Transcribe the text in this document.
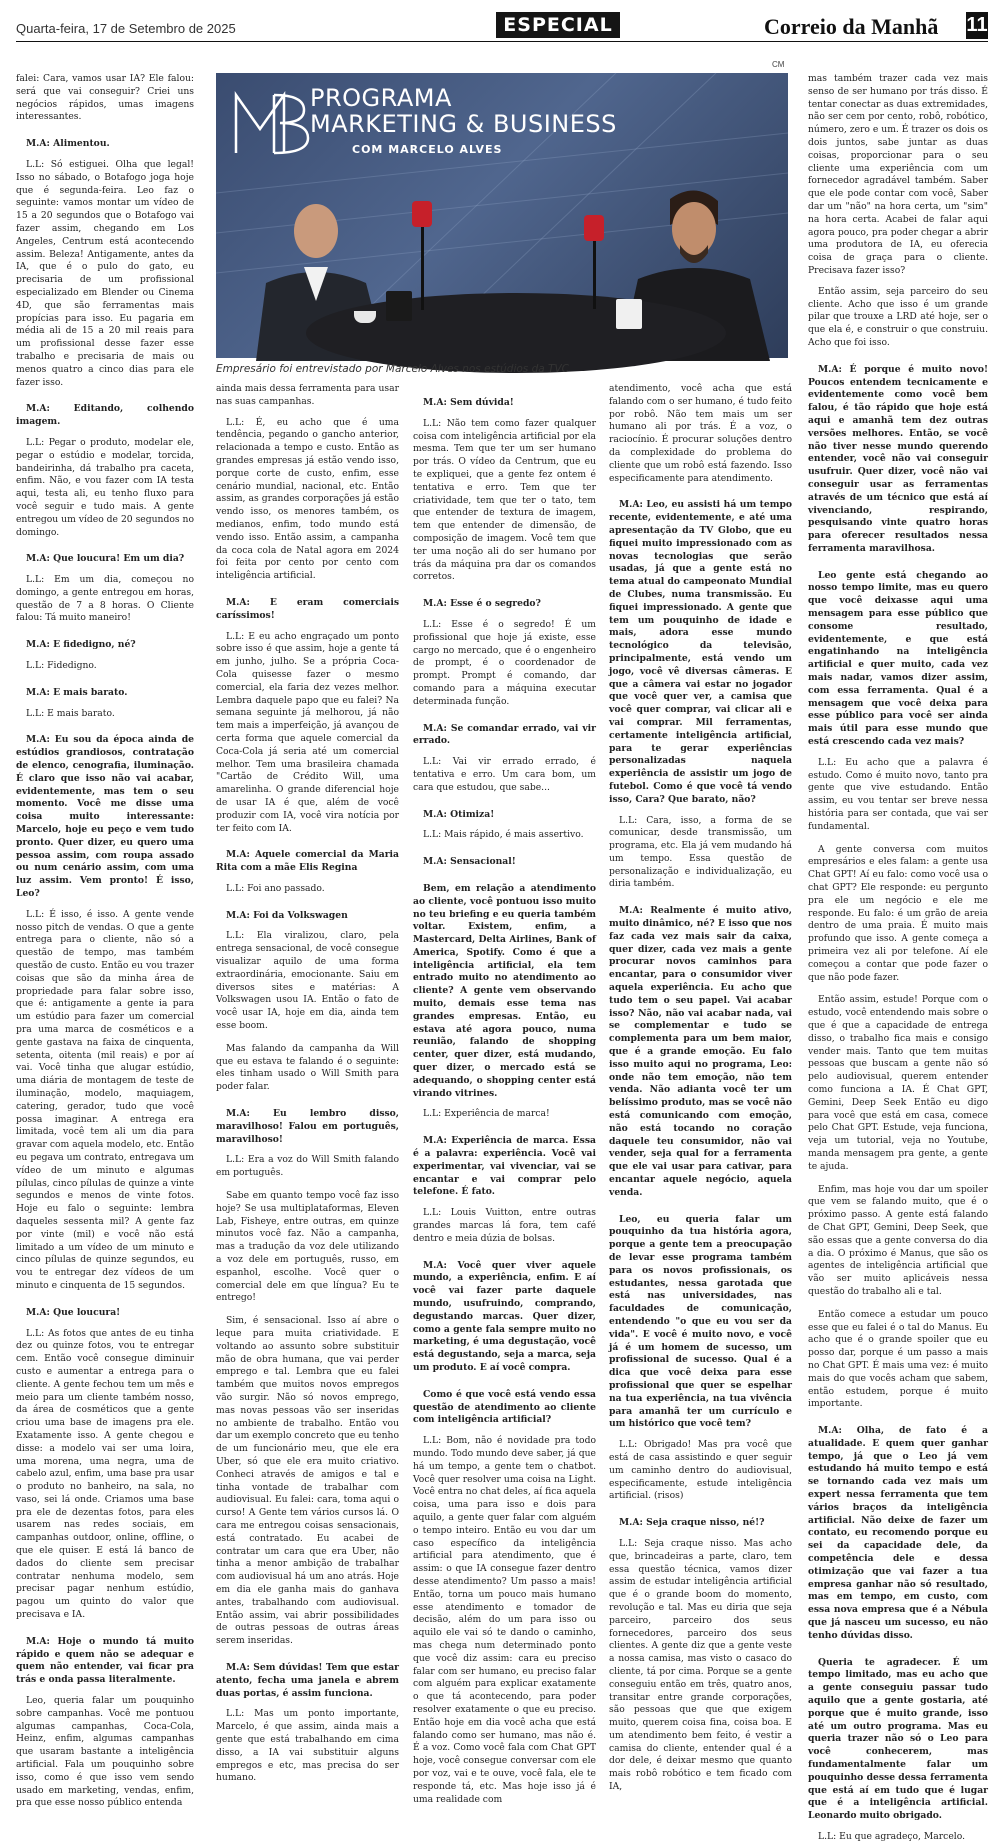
Quarta-feira, 17 de Setembro de 2025	ESPECIAL	Correio da Manhã 11
CM
PROGRAMA
MARKETING & BUSINESS
COM MARCELO ALVES
Empresário foi entrevistado por Marcelo Alves nos estúdios da TVC

falei: Cara, vamos usar IA? Ele falou: será que vai conseguir? Criei uns negócios rápidos, umas imagens interessantes.

M.A: Alimentou.

L.L: Só estiguei. Olha que legal! Isso no sábado, o Botafogo joga hoje que é segunda-feira. Leo faz o seguinte: vamos montar um vídeo de 15 a 20 segundos que o Botafogo vai fazer assim, chegando em Los Angeles, Centrum está acontecendo assim. Beleza! Antigamente, antes da IA, que é o pulo do gato, eu precisaria de um profissional especializado em Blender ou Cinema 4D, que são ferramentas mais propícias para isso. Eu pagaria em média ali de 15 a 20 mil reais para um profissional desse fazer esse trabalho e precisaria de mais ou menos quatro a cinco dias para ele fazer isso.

M.A: Editando, colhendo imagem.

L.L: Pegar o produto, modelar ele, pegar o estúdio e modelar, torcida, bandeirinha, dá trabalho pra caceta, enfim. Não, e vou fazer com IA testa aqui, testa ali, eu tenho fluxo para você seguir e tudo mais. A gente entregou um vídeo de 20 segundos no domingo.

M.A: Que loucura! Em um dia?

L.L: Em um dia, começou no domingo, a gente entregou em horas, questão de 7 a 8 horas. O Cliente falou: Tá muito maneiro!

M.A: E fidedigno, né?

L.L: Fidedigno.

M.A: E mais barato.

L.L: E mais barato.

M.A: Eu sou da época ainda de estúdios grandiosos, contratação de elenco, cenografia, iluminação. É claro que isso não vai acabar, evidentemente, mas tem o seu momento. Você me disse uma coisa muito interessante: Marcelo, hoje eu peço e vem tudo pronto. Quer dizer, eu quero uma pessoa assim, com roupa assado ou num cenário assim, com uma luz assim. Vem pronto! É isso, Leo?

L.L: É isso, é isso. A gente vende nosso pitch de vendas. O que a gente entrega para o cliente, não só a questão de tempo, mas também questão de custo. Então eu vou trazer coisas que são da minha área de propriedade para falar sobre isso, que é: antigamente a gente ia para um estúdio para fazer um comercial pra uma marca de cosméticos e a gente gastava na faixa de cinquenta, setenta, oitenta (mil reais) e por aí vai. Você tinha que alugar estúdio, uma diária de montagem de teste de iluminação, modelo, maquiagem, catering, gerador, tudo que você possa imaginar. A entrega era limitada, você tem ali um dia para gravar com aquela modelo, etc. Então eu pegava um contrato, entregava um vídeo de um minuto e algumas pílulas, cinco pílulas de quinze a vinte segundos e menos de vinte fotos. Hoje eu falo o seguinte: lembra daqueles sessenta mil? A gente faz por vinte (mil) e você não está limitado a um vídeo de um minuto e cinco pílulas de quinze segundos, eu vou te entregar dez vídeos de um minuto e cinquenta de 15 segundos.

M.A: Que loucura!

L.L: As fotos que antes de eu tinha dez ou quinze fotos, vou te entregar cem. Então você consegue diminuir custo e aumentar a entrega para o cliente. A gente fechou tem um mês e meio para um cliente também nosso, da área de cosméticos que a gente criou uma base de imagens pra ele. Exatamente isso. A gente chegou e disse: a modelo vai ser uma loira, uma morena, uma negra, uma de cabelo azul, enfim, uma base pra usar o produto no banheiro, na sala, no vaso, sei lá onde. Criamos uma base pra ele de dezentas fotos, para eles usarem nas redes sociais, em campanhas outdoor, online, offline, o que ele quiser. E está lá banco de dados do cliente sem precisar contratar nenhuma modelo, sem precisar pagar nenhum estúdio, pagou um quinto do valor que precisava e IA.

M.A: Hoje o mundo tá muito rápido e quem não se adequar e quem não entender, vai ficar pra trás e onda passa literalmente.

Leo, queria falar um pouquinho sobre campanhas. Você me pontuou algumas campanhas, Coca-Cola, Heinz, enfim, algumas campanhas que usaram bastante a inteligência artificial. Fala um pouquinho sobre isso, como é que isso vem sendo usado em marketing, vendas, enfim, pra que esse nosso público entenda

ainda mais dessa ferramenta para usar nas suas campanhas.

L.L: É, eu acho que é uma tendência, pegando o gancho anterior, relacionada a tempo e custo. Então as grandes empresas já estão vendo isso, porque corte de custo, enfim, esse cenário mundial, nacional, etc. Então assim, as grandes corporações já estão vendo isso, os menores também, os medianos, enfim, todo mundo está vendo isso. Então assim, a campanha da coca cola de Natal agora em 2024 foi feita por cento por cento com inteligência artificial.

M.A: E eram comerciais caríssimos!

L.L: E eu acho engraçado um ponto sobre isso é que assim, hoje a gente tá em junho, julho. Se a própria Coca-Cola quisesse fazer o mesmo comercial, ela faria dez vezes melhor. Lembra daquele papo que eu falei? Na semana seguinte já melhorou, já não tem mais a imperfeição, já avançou de certa forma que aquele comercial da Coca-Cola já seria até um comercial melhor. Tem uma brasileira chamada "Cartão de Crédito Will, uma amarelinha. O grande diferencial hoje de usar IA é que, além de você produzir com IA, você vira notícia por ter feito com IA.

M.A: Aquele comercial da Maria Rita com a mãe Elis Regina

L.L: Foi ano passado.

M.A: Foi da Volkswagen

L.L: Ela viralizou, claro, pela entrega sensacional, de você consegue visualizar aquilo de uma forma extraordinária, emocionante. Saiu em diversos sites e matérias: A Volkswagen usou IA. Então o fato de você usar IA, hoje em dia, ainda tem esse boom.

Mas falando da campanha da Will que eu estava te falando é o seguinte: eles tinham usado o Will Smith para poder falar.

M.A: Eu lembro disso, maravilhoso! Falou em português, maravilhoso!

L.L: Era a voz do Will Smith falando em português.

Sabe em quanto tempo você faz isso hoje? Se usa multiplataformas, Eleven Lab, Fisheye, entre outras, em quinze minutos você faz. Não a campanha, mas a tradução da voz dele utilizando a voz dele em português, russo, em espanhol, escolhe. Você quer o comercial dele em que língua? Eu te entrego!

Sim, é sensacional. Isso aí abre o leque para muita criatividade. E voltando ao assunto sobre substituir mão de obra humana, que vai perder emprego e tal. Lembra que eu falei também que muitos novos empregos vão surgir. Não só novos emprego, mas novas pessoas vão ser inseridas no ambiente de trabalho. Então vou dar um exemplo concreto que eu tenho de um funcionário meu, que ele era Uber, só que ele era muito criativo. Conheci através de amigos e tal e tinha vontade de trabalhar com audiovisual. Eu falei: cara, toma aqui o curso! A Gente tem vários cursos lá. O cara me entregou coisas sensacionais, está contratado. Eu acabei de contratar um cara que era Uber, não tinha a menor ambição de trabalhar com audiovisual há um ano atrás. Hoje em dia ele ganha mais do ganhava antes, trabalhando com audiovisual. Então assim, vai abrir possibilidades de outras pessoas de outras áreas serem inseridas.

M.A: Sem dúvidas! Tem que estar atento, fecha uma janela e abrem duas portas, é assim funciona.

L.L: Mas um ponto importante, Marcelo, é que assim, ainda mais a gente que está trabalhando em cima disso, a IA vai substituir alguns empregos e etc, mas precisa do ser humano.

M.A: Sem dúvida!

L.L: Não tem como fazer qualquer coisa com inteligência artificial por ela mesma. Tem que ter um ser humano por trás. O vídeo da Centrum, que eu te expliquei, que a gente fez ontem é tentativa e erro. Tem que ter criatividade, tem que ter o tato, tem que entender de textura de imagem, tem que entender de dimensão, de composição de imagem. Você tem que ter uma noção ali do ser humano por trás da máquina pra dar os comandos corretos.

M.A: Esse é o segredo?

L.L: Esse é o segredo! É um profissional que hoje já existe, esse cargo no mercado, que é o engenheiro de prompt, é o coordenador de prompt. Prompt é comando, dar comando para a máquina executar determinada função.

M.A: Se comandar errado, vai vir errado.

L.L: Vai vir errado errado, é tentativa e erro. Um cara bom, um cara que estudou, que sabe...

M.A: Otimiza!

L.L: Mais rápido, é mais assertivo.

M.A: Sensacional!

Bem, em relação a atendimento ao cliente, você pontuou isso muito no teu briefing e eu queria também voltar. Existem, enfim, a Mastercard, Delta Airlines, Bank of America, Spotify. Como é que a inteligência artificial, ela tem entrado muito no atendimento ao cliente? A gente vem observando muito, demais esse tema nas grandes empresas. Então, eu estava até agora pouco, numa reunião, falando de shopping center, quer dizer, está mudando, quer dizer, o mercado está se adequando, o shopping center está virando vitrines.

L.L: Experiência de marca!

M.A: Experiência de marca. Essa é a palavra: experiência. Você vai experimentar, vai vivenciar, vai se encantar e vai comprar pelo telefone. É fato.

L.L: Louis Vuitton, entre outras grandes marcas lá fora, tem café dentro e meia dúzia de bolsas.

M.A: Você quer viver aquele mundo, a experiência, enfim. E aí você vai fazer parte daquele mundo, usufruindo, comprando, degustando marcas. Quer dizer, como a gente fala sempre muito no marketing, é uma degustação, você está degustando, seja a marca, seja um produto. E aí você compra.

Como é que você está vendo essa questão de atendimento ao cliente com inteligência artificial?

L.L: Bom, não é novidade pra todo mundo. Todo mundo deve saber, já que há um tempo, a gente tem o chatbot. Você quer resolver uma coisa na Light. Você entra no chat deles, aí fica aquela coisa, uma para isso e dois para aquilo, a gente quer falar com alguém o tempo inteiro. Então eu vou dar um caso específico da inteligência artificial para atendimento, que é assim: o que IA consegue fazer dentro desse atendimento? Um passo a mais! Então, torna um pouco mais humano esse atendimento e tomador de decisão, além do um para isso ou aquilo ele vai só te dando o caminho, mas chega num determinado ponto que você diz assim: cara eu preciso falar com ser humano, eu preciso falar com alguém para explicar exatamente o que tá acontecendo, para poder resolver exatamente o que eu preciso. Então hoje em dia você acha que está falando como ser humano, mas não é. É a voz. Como você fala com Chat GPT hoje, você consegue conversar com ele por voz, vai e te ouve, você fala, ele te responde tá, etc. Mas hoje isso já é uma realidade com

atendimento, você acha que está falando com o ser humano, é tudo feito por robô. Não tem mais um ser humano ali por trás. É a voz, o raciocínio. É procurar soluções dentro da complexidade do problema do cliente que um robô está fazendo. Isso especificamente para atendimento.

M.A: Leo, eu assisti há um tempo recente, evidentemente, e até uma apresentação da TV Globo, que eu fiquei muito impressionado com as novas tecnologias que serão usadas, já que a gente está no tema atual do campeonato Mundial de Clubes, numa transmissão. Eu fiquei impressionado. A gente que tem um pouquinho de idade e mais, adora esse mundo tecnológico da televisão, principalmente, está vendo um jogo, você vê diversas câmeras. E que a câmera vai estar no jogador que você quer ver, a camisa que você quer comprar, vai clicar ali e vai comprar. Mil ferramentas, certamente inteligência artificial, para te gerar experiências personalizadas naquela experiência de assistir um jogo de futebol. Como é que você tá vendo isso, Cara? Que barato, não?

L.L: Cara, isso, a forma de se comunicar, desde transmissão, um programa, etc. Ela já vem mudando há um tempo. Essa questão de personalização e individualização, eu diria também.

M.A: Realmente é muito ativo, muito dinâmico, né? E isso que nos faz cada vez mais sair da caixa, quer dizer, cada vez mais a gente procurar novos caminhos para encantar, para o consumidor viver aquela experiência. Eu acho que tudo tem o seu papel. Vai acabar isso? Não, não vai acabar nada, vai se complementar e tudo se complementa para um bem maior, que é a grande emoção. Eu falo isso muito aqui no programa, Leo: onde não tem emoção, não tem venda. Não adianta você ter um belíssimo produto, mas se você não está comunicando com emoção, não está tocando no coração daquele teu consumidor, não vai vender, seja qual for a ferramenta que ele vai usar para cativar, para encantar aquele negócio, aquela venda.

Leo, eu queria falar um pouquinho da tua história agora, porque a gente tem a preocupação de levar esse programa também para os novos profissionais, os estudantes, nessa garotada que está nas universidades, nas faculdades de comunicação, entendendo "o que eu vou ser da vida". E você é muito novo, e você já é um homem de sucesso, um profissional de sucesso. Qual é a dica que você deixa para esse profissional que quer se espelhar na tua experiência, na tua vivência para amanhã ter um currículo e um histórico que você tem?

L.L: Obrigado! Mas pra você que está de casa assistindo e quer seguir um caminho dentro do audiovisual, especificamente, estude inteligência artificial. (risos)

M.A: Seja craque nisso, né!?

L.L: Seja craque nisso. Mas acho que, brincadeiras a parte, claro, tem essa questão técnica, vamos dizer assim de estudar inteligência artificial que é o grande boom do momento, revolução e tal. Mas eu diria que seja parceiro, parceiro dos seus fornecedores, parceiro dos seus clientes. A gente diz que a gente veste a nossa camisa, mas visto o casaco do cliente, tá por cima. Porque se a gente conseguiu então em três, quatro anos, transitar entre grande corporações, são pessoas que que que exigem muito, querem coisa fina, coisa boa. E um atendimento bem feito, é vestir a camisa do cliente, entender qual é a dor dele, é deixar mesmo que quanto mais robô robótico e tem ficado com IA,

mas também trazer cada vez mais senso de ser humano por trás disso. É tentar conectar as duas extremidades, não ser cem por cento, robô, robótico, número, zero e um. É trazer os dois os dois juntos, sabe juntar as duas coisas, proporcionar para o seu cliente uma experiência com um fornecedor agradável também. Saber que ele pode contar com você, Saber dar um "não" na hora certa, um "sim" na hora certa. Acabei de falar aqui agora pouco, pra poder chegar a abrir uma produtora de IA, eu oferecia coisa de graça para o cliente. Precisava fazer isso?

Então assim, seja parceiro do seu cliente. Acho que isso é um grande pilar que trouxe a LRD até hoje, ser o que ela é, e construir o que construiu. Acho que foi isso.

M.A: É porque é muito novo! Poucos entendem tecnicamente e evidentemente como você bem falou, é tão rápido que hoje está aqui e amanhã tem dez outras versões melhores. Então, se você não tiver nesse mundo querendo entender, você não vai conseguir usufruir. Quer dizer, você não vai conseguir usar as ferramentas através de um técnico que está aí vivenciando, respirando, pesquisando vinte quatro horas para oferecer resultados nessa ferramenta maravilhosa.

Leo gente está chegando ao nosso tempo limite, mas eu quero que você deixasse aqui uma mensagem para esse público que consome resultado, evidentemente, e que está engatinhando na inteligência artificial e quer muito, cada vez mais nadar, vamos dizer assim, com essa ferramenta. Qual é a mensagem que você deixa para esse público para você ser ainda mais útil para esse mundo que está crescendo cada vez mais?

L.L: Eu acho que a palavra é estudo. Como é muito novo, tanto pra gente que vive estudando. Então assim, eu vou tentar ser breve nessa história para ser contada, que vai ser fundamental.

A gente conversa com muitos empresários e eles falam: a gente usa Chat GPT! Aí eu falo: como você usa o chat GPT? Ele responde: eu pergunto pra ele um negócio e ele me responde. Eu falo: é um grão de areia dentro de uma praia. É muito mais profundo que isso. A gente começa a primeira vez ali por telefone. Aí ele começou a contar que pode fazer o que não pode fazer.

Então assim, estude! Porque com o estudo, você entendendo mais sobre o que é que a capacidade de entrega disso, o trabalho fica mais e consigo vender mais. Tanto que tem muitas pessoas que buscam a gente não só pelo audiovisual, querem entender como funciona a IA. É Chat GPT, Gemini, Deep Seek Então eu digo para você que está em casa, comece pelo Chat GPT. Estude, veja funciona, veja um tutorial, veja no Youtube, manda mensagem pra gente, a gente te ajuda.

Enfim, mas hoje vou dar um spoiler que vem se falando muito, que é o próximo passo. A gente está falando de Chat GPT, Gemini, Deep Seek, que são essas que a gente conversa do dia a dia. O próximo é Manus, que são os agentes de inteligência artificial que vão ser muito aplicáveis nessa questão do trabalho ali e tal.

Então comece a estudar um pouco esse que eu falei é o tal do Manus. Eu acho que é o grande spoiler que eu posso dar, porque é um passo a mais no Chat GPT. É mais uma vez: é muito mais do que vocês acham que sabem, então estudem, porque é muito importante.

M.A: Olha, de fato é a atualidade. E quem quer ganhar tempo, já que o Leo já vem estudando há muito tempo e está se tornando cada vez mais um expert nessa ferramenta que tem vários braços da inteligência artificial. Não deixe de fazer um contato, eu recomendo porque eu sei da capacidade dele, da competência dele e dessa otimização que vai fazer a tua empresa ganhar não só resultado, mas em tempo, em custo, com essa nova empresa que é a Nébula que já nasceu um sucesso, eu não tenho dúvidas disso.

Queria te agradecer. É um tempo limitado, mas eu acho que a gente conseguiu passar tudo aquilo que a gente gostaria, até porque que é muito grande, isso até um outro programa. Mas eu queria trazer não só o Leo para você conhecerem, mas fundamentalmente falar um pouquinho desse dessa ferramenta que está aí em tudo que é lugar que é a inteligência artificial. Leonardo muito obrigado.

L.L: Eu que agradeço, Marcelo.
